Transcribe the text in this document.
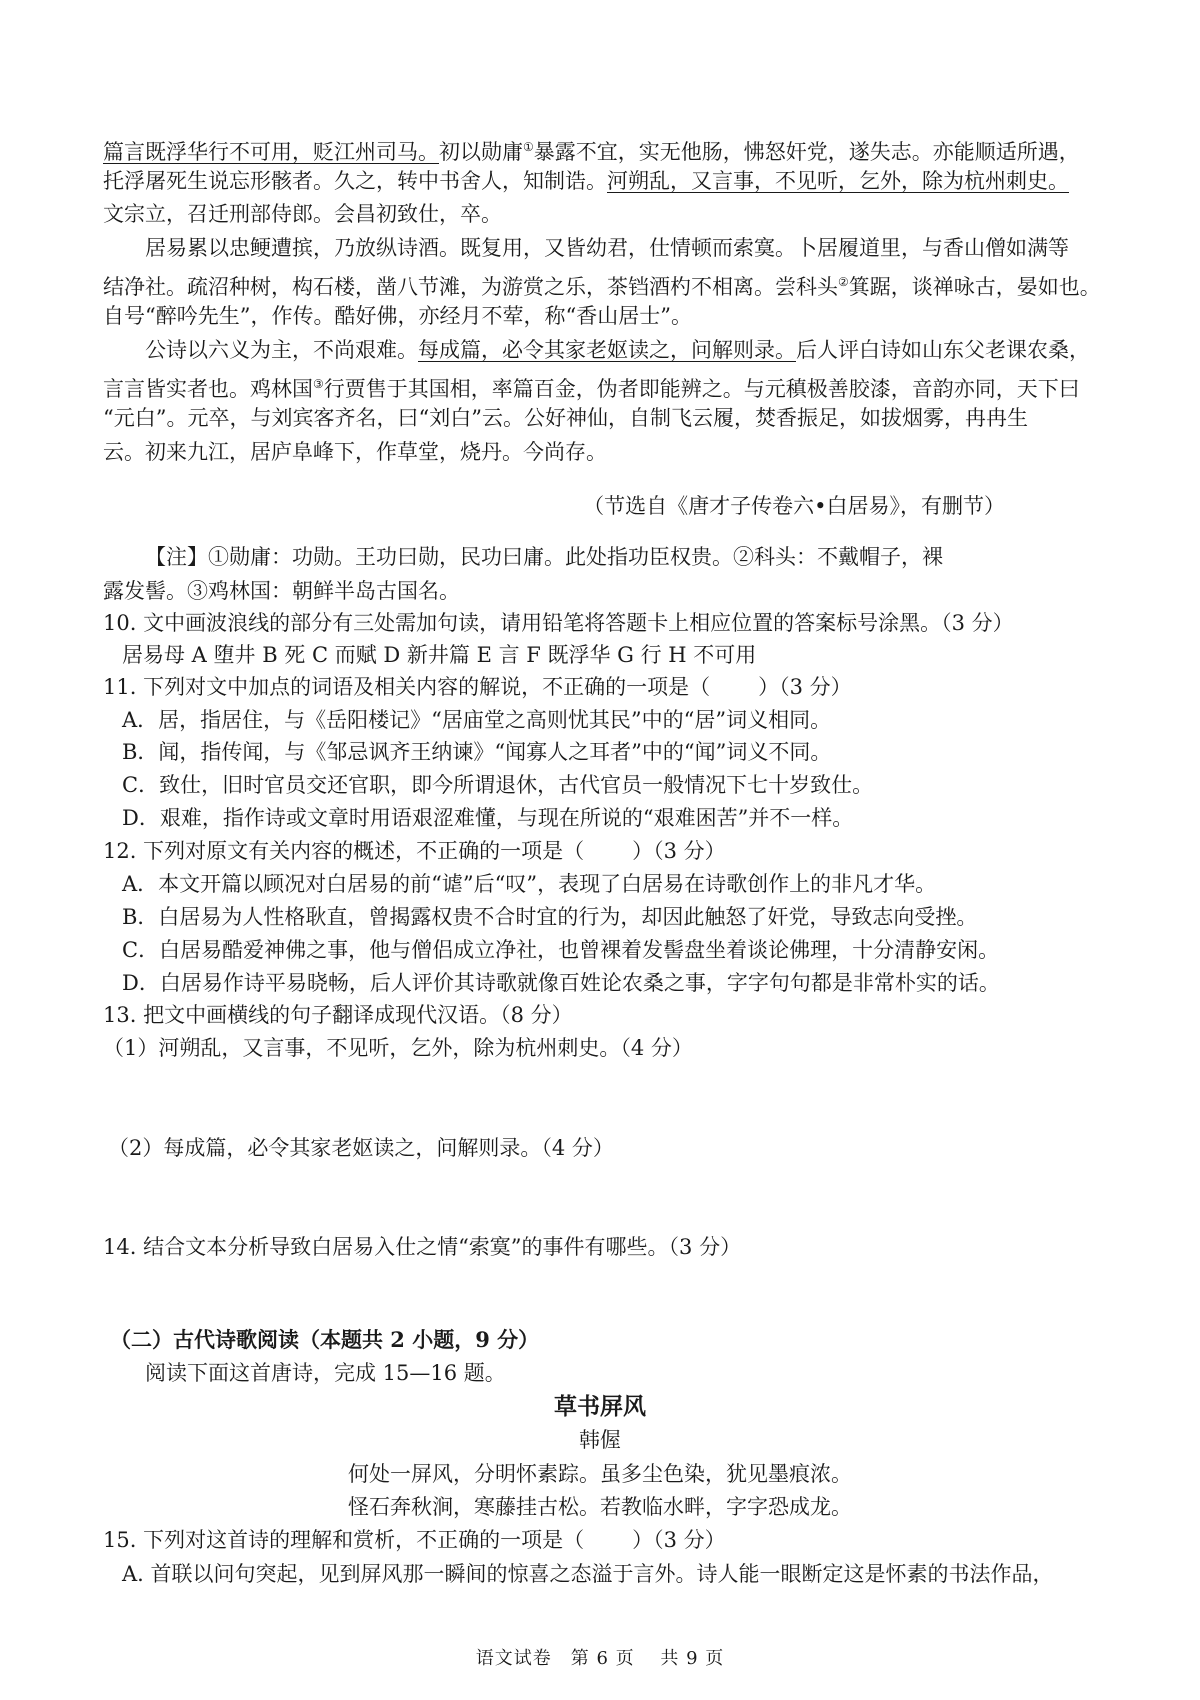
篇言既浮华行不可用，贬江州司马。初以勋庸①暴露不宜，实无他肠，怫怒奸党，遂失志。亦能顺适所遇，
托浮屠死生说忘形骸者。久之，转中书舍人，知制诰。河朔乱，又言事，不见听，乞外，除为杭州刺史。
文宗立，召迁刑部侍郎。会昌初致仕，卒。
居易累以忠鲠遭摈，乃放纵诗酒。既复用，又皆幼君，仕情顿而索寞。卜居履道里，与香山僧如满等
结净社。疏沼种树，构石楼，凿八节滩，为游赏之乐，茶铛酒杓不相离。尝科头②箕踞，谈禅咏古，晏如也。
自号“醉吟先生”，作传。酷好佛，亦经月不荤，称“香山居士”。
公诗以六义为主，不尚艰难。每成篇，必令其家老妪读之，问解则录。后人评白诗如山东父老课农桑，
言言皆实者也。鸡林国③行贾售于其国相，率篇百金，伪者即能辨之。与元稹极善胶漆，音韵亦同，天下曰
“元白”。元卒，与刘宾客齐名，曰“刘白”云。公好神仙，自制飞云履，焚香振足，如拔烟雾，冉冉生
云。初来九江，居庐阜峰下，作草堂，烧丹。今尚存。
（节选自《唐才子传卷六•白居易》，有删节）
【注】①勋庸：功勋。王功曰勋，民功曰庸。此处指功臣权贵。②科头：不戴帽子，裸
露发髻。③鸡林国：朝鲜半岛古国名。
10. 文中画波浪线的部分有三处需加句读，请用铅笔将答题卡上相应位置的答案标号涂黑。（3 分）
居易母 A 堕井 B 死 C 而赋 D 新井篇 E 言 F 既浮华 G 行 H 不可用
11. 下列对文中加点的词语及相关内容的解说，不正确的一项是（ ）（3 分）
A．居，指居住，与《岳阳楼记》“居庙堂之高则忧其民”中的“居”词义相同。
B．闻，指传闻，与《邹忌讽齐王纳谏》“闻寡人之耳者”中的“闻”词义不同。
C．致仕，旧时官员交还官职，即今所谓退休，古代官员一般情况下七十岁致仕。
D．艰难，指作诗或文章时用语艰涩难懂，与现在所说的“艰难困苦”并不一样。
12. 下列对原文有关内容的概述，不正确的一项是（ ）（3 分）
A．本文开篇以顾况对白居易的前“谑”后“叹”，表现了白居易在诗歌创作上的非凡才华。
B．白居易为人性格耿直，曾揭露权贵不合时宜的行为，却因此触怒了奸党，导致志向受挫。
C．白居易酷爱神佛之事，他与僧侣成立净社，也曾裸着发髻盘坐着谈论佛理，十分清静安闲。
D．白居易作诗平易晓畅，后人评价其诗歌就像百姓论农桑之事，字字句句都是非常朴实的话。
13. 把文中画横线的句子翻译成现代汉语。（8 分）
（1）河朔乱，又言事，不见听，乞外，除为杭州刺史。（4 分）
（2）每成篇，必令其家老妪读之，问解则录。（4 分）
14. 结合文本分析导致白居易入仕之情“索寞”的事件有哪些。（3 分）
（二）古代诗歌阅读（本题共 2 小题，9 分）
阅读下面这首唐诗，完成 15—16 题。
草书屏风
韩偓
何处一屏风，分明怀素踪。虽多尘色染，犹见墨痕浓。
怪石奔秋涧，寒藤挂古松。若教临水畔，字字恐成龙。
15. 下列对这首诗的理解和赏析，不正确的一项是（ ）（3 分）
A. 首联以问句突起，见到屏风那一瞬间的惊喜之态溢于言外。诗人能一眼断定这是怀素的书法作品，
语文试卷　第 6 页　 共 9 页
